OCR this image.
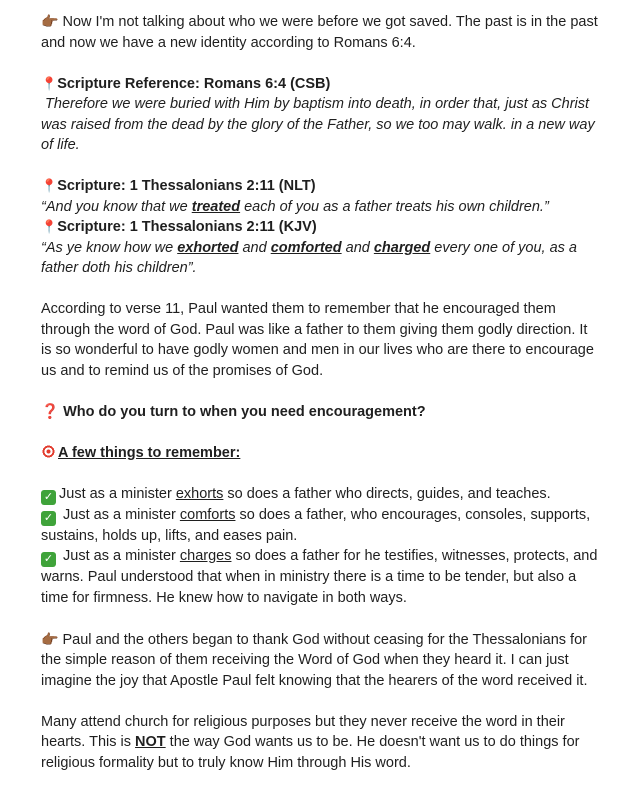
👉🏾 Now I'm not talking about who we were before we got saved. The past is in the past and now we have a new identity according to Romans 6:4.

📍Scripture Reference: Romans 6:4 (CSB)

Therefore we were buried with Him by baptism into death, in order that, just as Christ was raised from the dead by the glory of the Father, so we too may walk. in a new way of life.

📍Scripture: 1 Thessalonians 2:11 (NLT)

“And you know that we treated each of you as a father treats his own children.”

📍Scripture: 1 Thessalonians 2:11 (KJV)

“As ye know how we exhorted and comforted and charged every one of you, as a father doth his children”.

According to verse 11, Paul wanted them to remember that he encouraged them through the word of God. Paul was like a father to them giving them godly direction. It is so wonderful to have godly women and men in our lives who are there to encourage us and to remind us of the promises of God.

❓ Who do you turn to when you need encouragement?

A few things to remember:

✓ Just as a minister exhorts so does a father who directs, guides, and teaches.

✓ Just as a minister comforts so does a father, who encourages, consoles, supports, sustains, holds up, lifts, and eases pain.

✓ Just as a minister charges so does a father for he testifies, witnesses, protects, and warns. Paul understood that when in ministry there is a time to be tender, but also a time for firmness. He knew how to navigate in both ways.

👉🏾 Paul and the others began to thank God without ceasing for the Thessalonians for the simple reason of them receiving the Word of God when they heard it. I can just imagine the joy that Apostle Paul felt knowing that the hearers of the word received it.

Many attend church for religious purposes but they never receive the word in their hearts. This is NOT the way God wants us to be. He doesn't want us to do things for religious formality but to truly know Him through His word.
